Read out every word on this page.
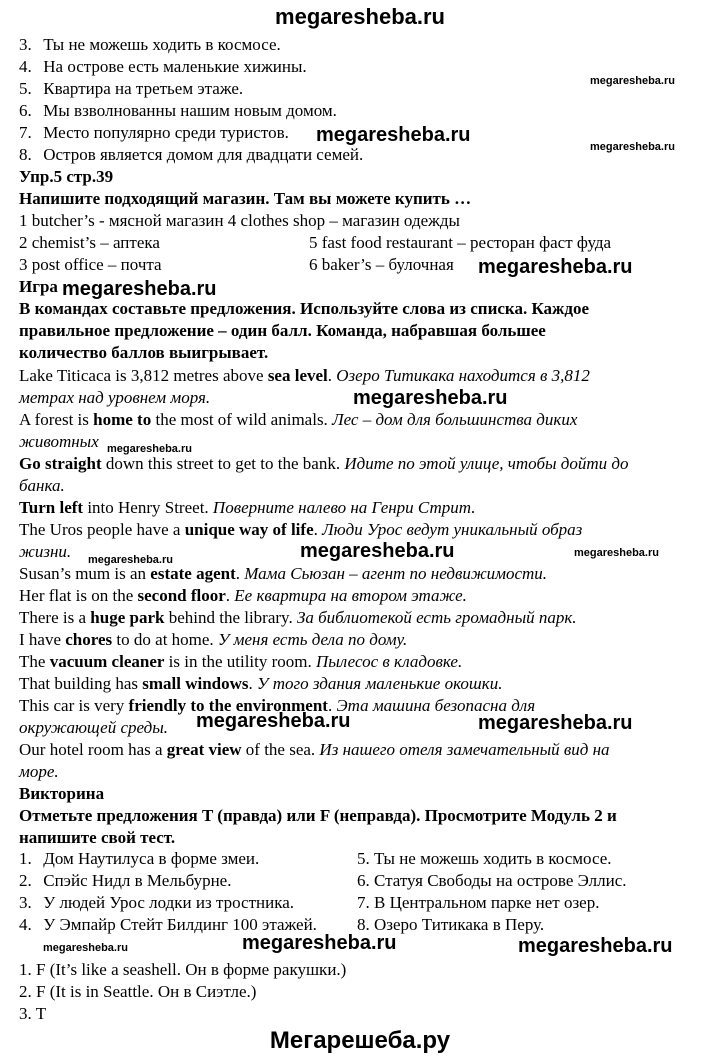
megaresheba.ru
3. Ты не можешь ходить в космосе.
4. На острове есть маленькие хижины.
5. Квартира на третьем этаже.
6. Мы взволнованны нашим новым домом.
7. Место популярно среди туристов.
8. Остров является домом для двадцати семей.
Упр.5 стр.39
Напишите подходящий магазин. Там вы можете купить …
1 butcher’s - мясной магазин 4 clothes shop – магазин одежды
2 chemist’s – аптека	5 fast food restaurant – ресторан фаст фуда
3 post office – почта	6 baker’s – булочная
Игра
В командах составьте предложения. Используйте слова из списка. Каждое
правильное предложение – один балл. Команда, набравшая большее
количество баллов выигрывает.
Lake Titicaca is 3,812 metres above sea level. Озеро Титикака находится в 3,812
метрах над уровнем моря.
A forest is home to the most of wild animals. Лес – дом для большинства диких
животных
Go straight down this street to get to the bank. Идите по этой улице, чтобы дойти до
банка.
Turn left into Henry Street. Поверните налево на Генри Стрит.
The Uros people have a unique way of life. Люди Урос ведут уникальный образ
жизни.
Susan’s mum is an estate agent. Мама Сьюзан – агент по недвижимости.
Her flat is on the second floor. Ее квартира на втором этаже.
There is a huge park behind the library. За библиотекой есть громадный парк.
I have chores to do at home. У меня есть дела по дому.
The vacuum cleaner is in the utility room. Пылесос в кладовке.
That building has small windows. У того здания маленькие окошки.
This car is very friendly to the environment. Эта машина безопасна для
окружающей среды.
Our hotel room has a great view of the sea. Из нашего отеля замечательный вид на
море.
Викторина
Отметьте предложения T (правда) или F (неправда). Просмотрите Модуль 2 и
напишите свой тест.
1. Дом Наутилуса в форме змеи.	5. Ты не можешь ходить в космосе.
2. Спэйс Нидл в Мельбурне.	6. Статуя Свободы на острове Эллис.
3. У людей Урос лодки из тростника.	7. В Центральном парке нет озер.
4. У Эмпайр Стейт Билдинг 100 этажей. 8. Озеро Титикака в Перу.
1. F (It’s like a seashell. Он в форме ракушки.)
2. F (It is in Seattle. Он в Сиэтле.)
3. T
megaresheba.ru
megaresheba.ru
megaresheba.ru
megaresheba.ru
megaresheba.ru
megaresheba.ru
megaresheba.ru
megaresheba.ru	megaresheba.ru	megaresheba.ru
megaresheba.ru	megaresheba.ru
megaresheba.ru	megaresheba.ru	megaresheba.ru
Мегарешеба.ру
